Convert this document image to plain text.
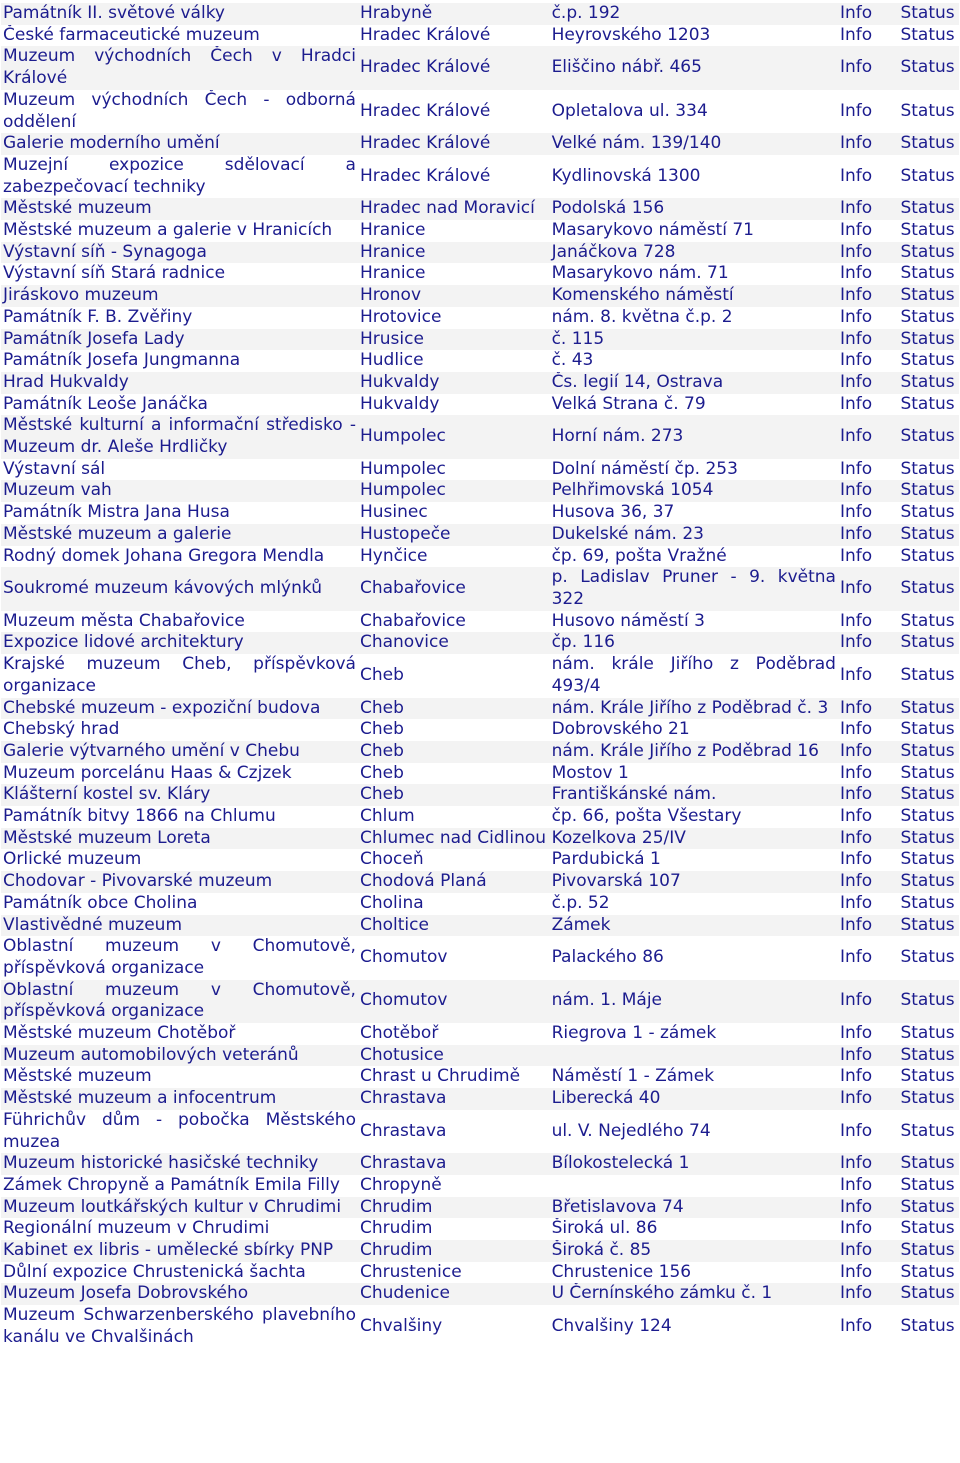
Památník II. světové války	Hrabyně	č.p. 192	Info	Status
České farmaceutické muzeum	Hradec Králové	Heyrovského 1203	Info	Status
Muzeum východních Čech v Hradci Králové	Hradec Králové	Eliščino nábř. 465	Info	Status
Muzeum východních Čech - odborná oddělení	Hradec Králové	Opletalova ul. 334	Info	Status
Galerie moderního umění	Hradec Králové	Velké nám. 139/140	Info	Status
Muzejní expozice sdělovací a zabezpečovací techniky	Hradec Králové	Kydlinovská 1300	Info	Status
Městské muzeum	Hradec nad Moravicí	Podolská 156	Info	Status
Městské muzeum a galerie v Hranicích	Hranice	Masarykovo náměstí 71	Info	Status
Výstavní síň - Synagoga	Hranice	Janáčkova 728	Info	Status
Výstavní síň Stará radnice	Hranice	Masarykovo nám. 71	Info	Status
Jiráskovo muzeum	Hronov	Komenského náměstí	Info	Status
Památník F. B. Zvěřiny	Hrotovice	nám. 8. května č.p. 2	Info	Status
Památník Josefa Lady	Hrusice	č. 115	Info	Status
Památník Josefa Jungmanna	Hudlice	č. 43	Info	Status
Hrad Hukvaldy	Hukvaldy	Čs. legií 14, Ostrava	Info	Status
Památník Leoše Janáčka	Hukvaldy	Velká Strana č. 79	Info	Status
Městské kulturní a informační středisko - Muzeum dr. Aleše Hrdličky	Humpolec	Horní nám. 273	Info	Status
Výstavní sál	Humpolec	Dolní náměstí čp. 253	Info	Status
Muzeum vah	Humpolec	Pelhřimovská 1054	Info	Status
Památník Mistra Jana Husa	Husinec	Husova 36, 37	Info	Status
Městské muzeum a galerie	Hustopeče	Dukelské nám. 23	Info	Status
Rodný domek Johana Gregora Mendla	Hynčice	čp. 69, pošta Vražné	Info	Status
Soukromé muzeum kávových mlýnků	Chabařovice	p. Ladislav Pruner - 9. května 322	Info	Status
Muzeum města Chabařovice	Chabařovice	Husovo náměstí 3	Info	Status
Expozice lidové architektury	Chanovice	čp. 116	Info	Status
Krajské muzeum Cheb, příspěvková organizace	Cheb	nám. krále Jiřího z Poděbrad 493/4	Info	Status
Chebské muzeum - expoziční budova	Cheb	nám. Krále Jiřího z Poděbrad č. 3	Info	Status
Chebský hrad	Cheb	Dobrovského 21	Info	Status
Galerie výtvarného umění v Chebu	Cheb	nám. Krále Jiřího z Poděbrad 16	Info	Status
Muzeum porcelánu Haas & Czjzek	Cheb	Mostov 1	Info	Status
Klášterní kostel sv. Kláry	Cheb	Františkánské nám.	Info	Status
Památník bitvy 1866 na Chlumu	Chlum	čp. 66, pošta Všestary	Info	Status
Městské muzeum Loreta	Chlumec nad Cidlinou	Kozelkova 25/IV	Info	Status
Orlické muzeum	Choceň	Pardubická 1	Info	Status
Chodovar - Pivovarské muzeum	Chodová Planá	Pivovarská 107	Info	Status
Památník obce Cholina	Cholina	č.p. 52	Info	Status
Vlastivědné muzeum	Choltice	Zámek	Info	Status
Oblastní muzeum v Chomutově, příspěvková organizace	Chomutov	Palackého 86	Info	Status
Oblastní muzeum v Chomutově, příspěvková organizace	Chomutov	nám. 1. Máje	Info	Status
Městské muzeum Chotěboř	Chotěboř	Riegrova 1 - zámek	Info	Status
Muzeum automobilových veteránů	Chotusice		Info	Status
Městské muzeum	Chrast u Chrudimě	Náměstí 1 - Zámek	Info	Status
Městské muzeum a infocentrum	Chrastava	Liberecká 40	Info	Status
Führichův dům - pobočka Městského muzea	Chrastava	ul. V. Nejedlého 74	Info	Status
Muzeum historické hasičské techniky	Chrastava	Bílokostelecká 1	Info	Status
Zámek Chropyně a Památník Emila Filly	Chropyně		Info	Status
Muzeum loutkářských kultur v Chrudimi	Chrudim	Břetislavova 74	Info	Status
Regionální muzeum v Chrudimi	Chrudim	Široká ul. 86	Info	Status
Kabinet ex libris - umělecké sbírky PNP	Chrudim	Široká č. 85	Info	Status
Důlní expozice Chrustenická šachta	Chrustenice	Chrustenice 156	Info	Status
Muzeum Josefa Dobrovského	Chudenice	U Černínského zámku č. 1	Info	Status
Muzeum Schwarzenberského plavebního kanálu ve Chvalšinách	Chvalšiny	Chvalšiny 124	Info	Status
